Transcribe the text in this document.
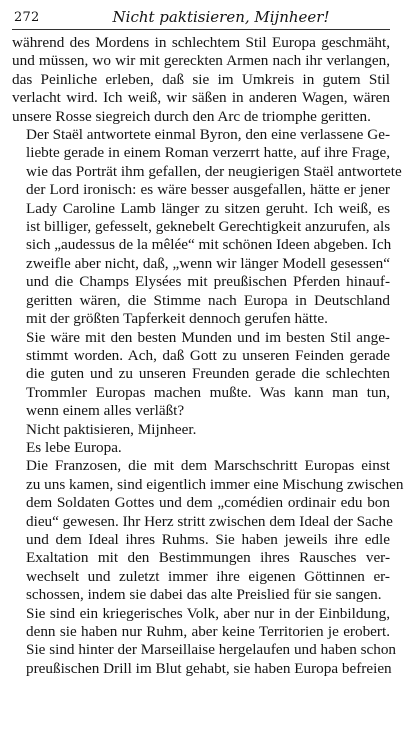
272	Nicht paktisieren, Mijnheer!

während des Mordens in schlechtem Stil Europa geschmäht,
und müssen, wo wir mit gereckten Armen nach ihr verlangen,
das Peinliche erleben, daß sie im Umkreis in gutem Stil
verlacht wird. Ich weiß, wir säßen in anderen Wagen, wären
unsere Rosse siegreich durch den Arc de triomphe geritten.

Der Staël antwortete einmal Byron, den eine verlassene Ge-
liebte gerade in einem Roman verzerrt hatte, auf ihre Frage,
wie das Porträt ihm gefallen, der neugierigen Staël antwortete
der Lord ironisch: es wäre besser ausgefallen, hätte er jener
Lady Caroline Lamb länger zu sitzen geruht. Ich weiß, es
ist billiger, gefesselt, geknebelt Gerechtigkeit anzurufen, als
sich „audessus de la mêlée“ mit schönen Ideen abgeben. Ich
zweifle aber nicht, daß, „wenn wir länger Modell gesessen“
und die Champs Elysées mit preußischen Pferden hinauf-
geritten wären, die Stimme nach Europa in Deutschland
mit der größten Tapferkeit dennoch gerufen hätte.

Sie wäre mit den besten Munden und im besten Stil ange-
stimmt worden. Ach, daß Gott zu unseren Feinden gerade
die guten und zu unseren Freunden gerade die schlechten
Trommler Europas machen mußte. Was kann man tun,
wenn einem alles verläßt?

Nicht paktisieren, Mijnheer.

Es lebe Europa.

Die Franzosen, die mit dem Marschschritt Europas einst
zu uns kamen, sind eigentlich immer eine Mischung zwischen
dem Soldaten Gottes und dem „comédien ordinair edu bon
dieu“ gewesen. Ihr Herz stritt zwischen dem Ideal der Sache
und dem Ideal ihres Ruhms. Sie haben jeweils ihre edle
Exaltation mit den Bestimmungen ihres Rausches ver-
wechselt und zuletzt immer ihre eigenen Göttinnen er-
schossen, indem sie dabei das alte Preislied für sie sangen.

Sie sind ein kriegerisches Volk, aber nur in der Einbildung,
denn sie haben nur Ruhm, aber keine Territorien je erobert.
Sie sind hinter der Marseillaise hergelaufen und haben schon
preußischen Drill im Blut gehabt, sie haben Europa befreien
